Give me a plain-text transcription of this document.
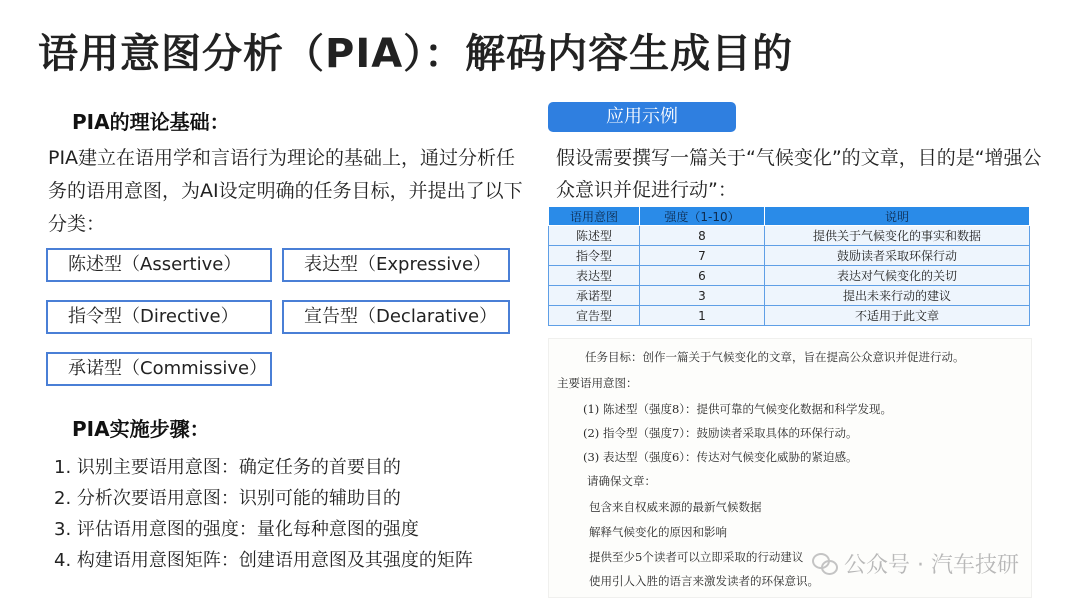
语用意图分析（PIA）：解码内容生成目的
PIA的理论基础：
PIA建立在语用学和言语行为理论的基础上，通过分析任务的语用意图，为AI设定明确的任务目标，并提出了以下分类：
陈述型（Assertive）	表达型（Expressive）
指令型（Directive）	宣告型（Declarative）
承诺型（Commissive）
PIA实施步骤：
1. 识别主要语用意图：确定任务的首要目的
2. 分析次要语用意图：识别可能的辅助目的
3. 评估语用意图的强度：量化每种意图的强度
4. 构建语用意图矩阵：创建语用意图及其强度的矩阵
应用示例
假设需要撰写一篇关于“气候变化”的文章，目的是“增强公众意识并促进行动”：
语用意图	强度（1-10）	说明
陈述型	8	提供关于气候变化的事实和数据
指令型	7	鼓励读者采取环保行动
表达型	6	表达对气候变化的关切
承诺型	3	提出未来行动的建议
宣告型	1	不适用于此文章
任务目标：创作一篇关于气候变化的文章，旨在提高公众意识并促进行动。
主要语用意图：
(1) 陈述型（强度8）：提供可靠的气候变化数据和科学发现。
(2) 指令型（强度7）：鼓励读者采取具体的环保行动。
(3) 表达型（强度6）：传达对气候变化威胁的紧迫感。
请确保文章：
包含来自权威来源的最新气候数据
解释气候变化的原因和影响
提供至少5个读者可以立即采取的行动建议
使用引人入胜的语言来激发读者的环保意识。
公众号 · 汽车技研
